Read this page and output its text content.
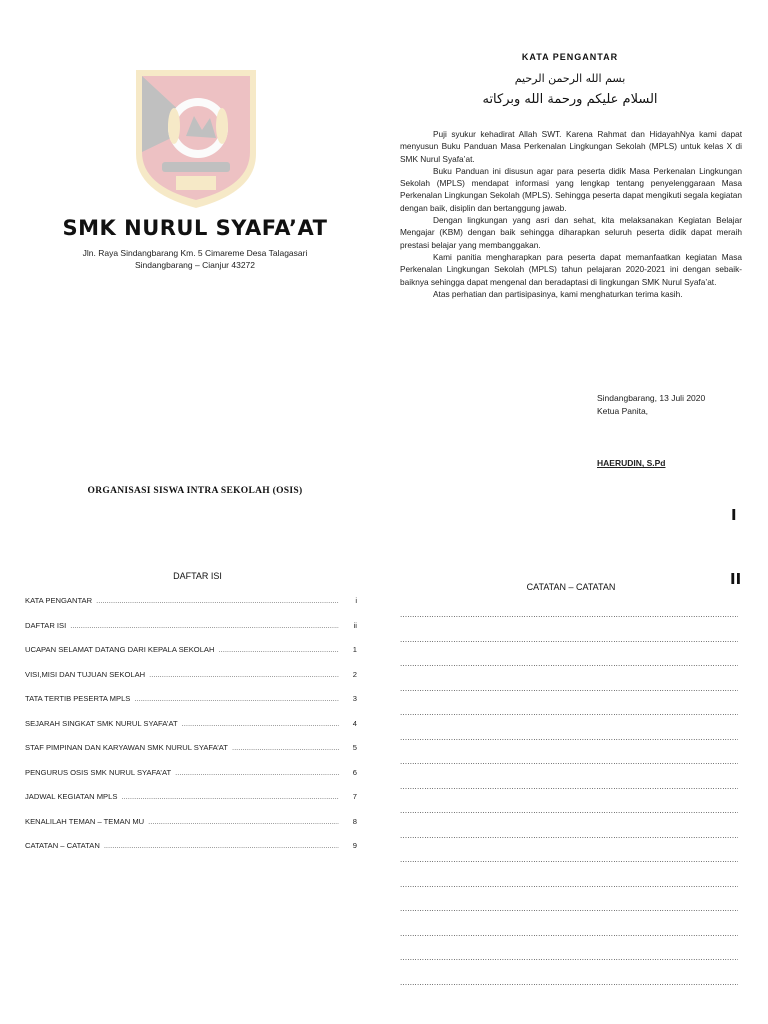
SMK NURUL SYAFA’AT
Jln. Raya Sindangbarang Km. 5 Cimareme Desa Talagasari
Sindangbarang – Cianjur 43272
ORGANISASI SISWA INTRA SEKOLAH (OSIS)
KATA PENGANTAR
بسم الله الرحمن الرحيم
السلام عليكم ورحمة الله وبركاته

Puji syukur kehadirat Allah SWT. Karena Rahmat dan HidayahNya kami dapat menyusun Buku Panduan Masa Perkenalan Lingkungan Sekolah (MPLS) untuk kelas X di SMK Nurul Syafa’at.

Buku Panduan ini disusun agar para peserta didik Masa Perkenalan Lingkungan Sekolah (MPLS) mendapat informasi yang lengkap tentang penyelenggaraan Masa Perkenalan Lingkungan Sekolah (MPLS). Sehingga peserta dapat mengikuti segala kegiatan dengan baik, disiplin dan bertanggung jawab.

Dengan lingkungan yang asri dan sehat, kita melaksanakan Kegiatan Belajar Mengajar (KBM) dengan baik sehingga diharapkan seluruh peserta didik dapat meraih prestasi belajar yang membanggakan.

Kami panitia mengharapkan para peserta dapat memanfaatkan kegiatan Masa Perkenalan Lingkungan Sekolah (MPLS) tahun pelajaran 2020-2021 ini dengan sebaik-baiknya sehingga dapat mengenal dan beradaptasi di lingkungan SMK Nurul Syafa’at.

Atas perhatian dan partisipasinya, kami menghaturkan terima kasih.

Sindangbarang, 13 Juli 2020
Ketua Panita,
HAERUDIN, S.Pd
I
II
DAFTAR ISI
KATA PENGANTAR .....	i
DAFTAR ISI .....	ii
UCAPAN SELAMAT DATANG DARI KEPALA SEKOLAH .....	1
VISI,MISI DAN TUJUAN SEKOLAH .....	2
TATA TERTIB PESERTA MPLS .....	3
SEJARAH SINGKAT SMK NURUL SYAFA’AT .....	4
STAF PIMPINAN DAN KARYAWAN SMK NURUL SYAFA’AT .....	5
PENGURUS OSIS SMK NURUL SYAFA’AT .....	6
JADWAL KEGIATAN MPLS .....	7
KENALILAH TEMAN – TEMAN MU .....	8
CATATAN – CATATAN .....	9
CATATAN – CATATAN
.....
.....
.....
.....
.....
.....
.....
.....
.....
.....
.....
.....
.....
.....
.....
.....
